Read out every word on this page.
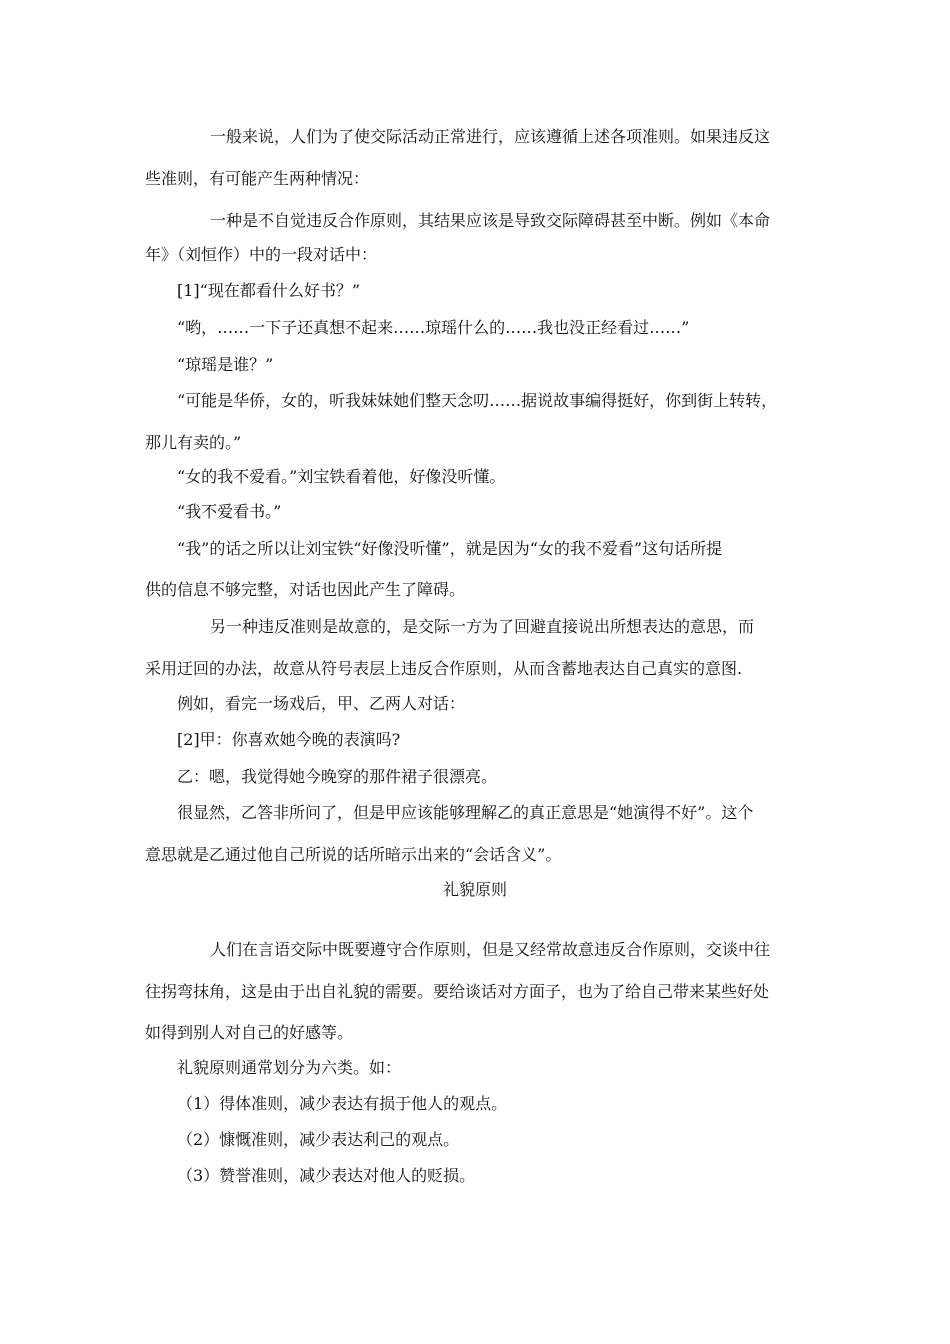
一般来说，人们为了使交际活动正常进行，应该遵循上述各项准则。如果违反这
些准则，有可能产生两种情况：
一种是不自觉违反合作原则，其结果应该是导致交际障碍甚至中断。例如《本命
年》（刘恒作）中的一段对话中：
[1]“现在都看什么好书？”
“哟，……一下子还真想不起来……琼瑶什么的……我也没正经看过……”
“琼瑶是谁？”
“可能是华侨，女的，听我妹妹她们整天念叨……据说故事编得挺好，你到街上转转，
那儿有卖的。”
“女的我不爱看。”刘宝铁看着他，好像没听懂。
“我不爱看书。”
“我”的话之所以让刘宝铁“好像没听懂”，就是因为“女的我不爱看”这句话所提
供的信息不够完整，对话也因此产生了障碍。
另一种违反准则是故意的，是交际一方为了回避直接说出所想表达的意思，而
采用迂回的办法，故意从符号表层上违反合作原则，从而含蓄地表达自己真实的意图.
例如，看完一场戏后，甲、乙两人对话：
[2]甲：你喜欢她今晚的表演吗?
乙：嗯，我觉得她今晚穿的那件裙子很漂亮。
很显然，乙答非所问了，但是甲应该能够理解乙的真正意思是“她演得不好”。这个
意思就是乙通过他自己所说的话所暗示出来的“会话含义”。
礼貌原则
人们在言语交际中既要遵守合作原则，但是又经常故意违反合作原则，交谈中往
往拐弯抹角，这是由于出自礼貌的需要。要给谈话对方面子，也为了给自己带来某些好处
如得到别人对自己的好感等。
礼貌原则通常划分为六类。如：
（1）得体准则，减少表达有损于他人的观点。
（2）慷慨准则，减少表达利己的观点。
（3）赞誉准则，减少表达对他人的贬损。
